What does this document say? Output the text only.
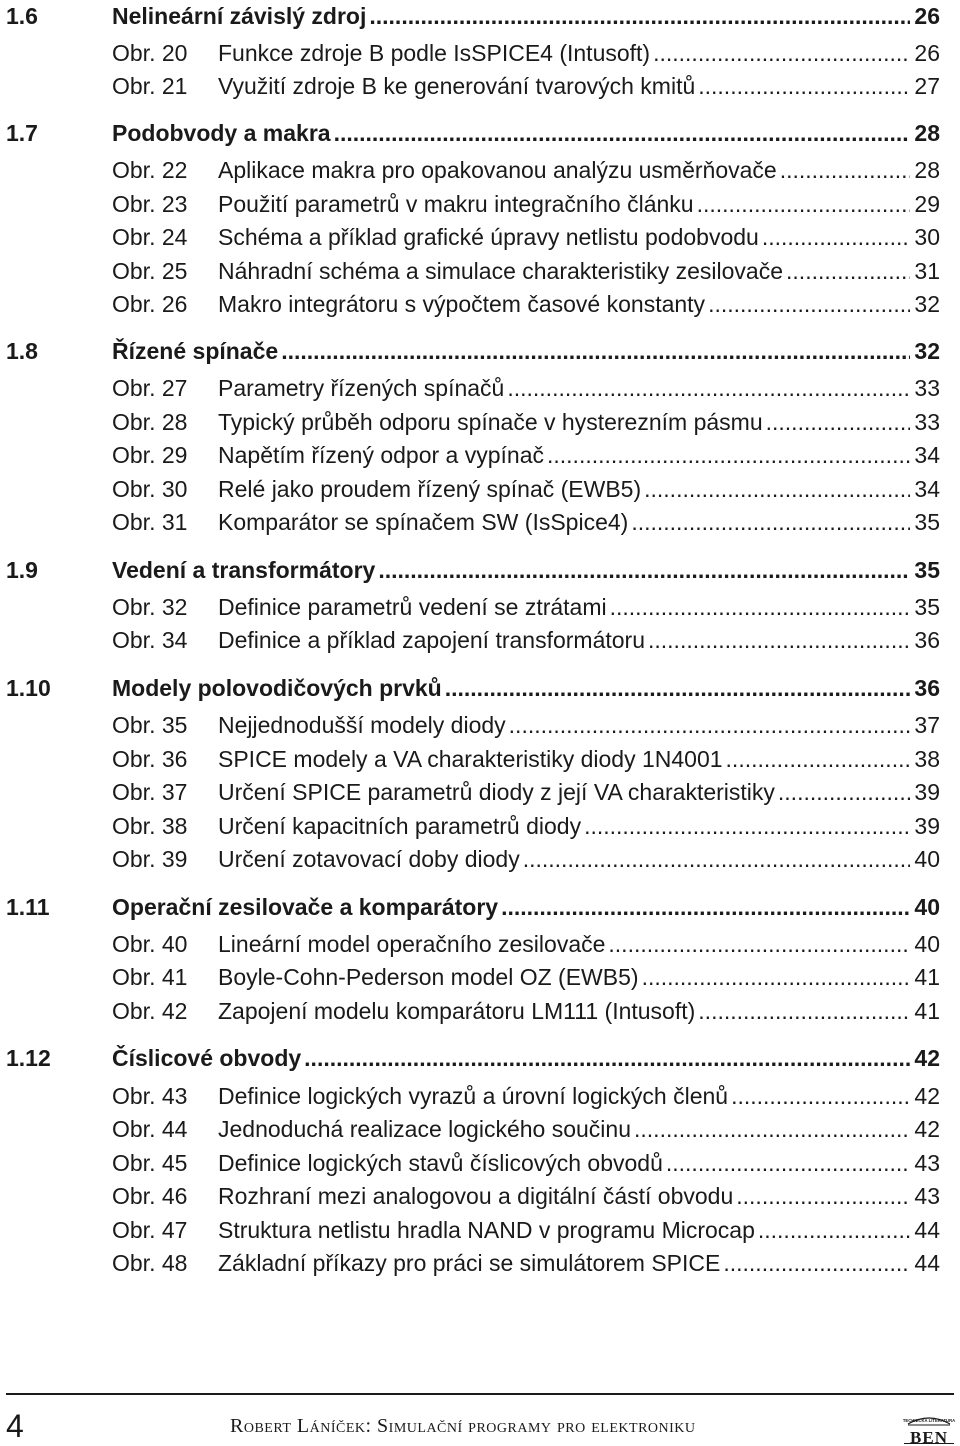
1.6	Nelineární závislý zdroj .....	26
Obr. 20 Funkce zdroje B podle IsSPICE4 (Intusoft) .....	26
Obr. 21 Využití zdroje B ke generování tvarových kmitů .....	27
1.7	Podobvody a makra .....	28
Obr. 22 Aplikace makra pro opakovanou analýzu usměrňovače .....	28
Obr. 23 Použití parametrů v makru integračního článku .....	29
Obr. 24 Schéma a příklad grafické úpravy netlistu podobvodu .....	30
Obr. 25 Náhradní schéma a simulace charakteristiky zesilovače .....	31
Obr. 26 Makro integrátoru s výpočtem časové konstanty .....	32
1.8	Řízené spínače .....	32
Obr. 27 Parametry řízených spínačů .....	33
Obr. 28 Typický průběh odporu spínače v hysterezním pásmu .....	33
Obr. 29 Napětím řízený odpor a vypínač .....	34
Obr. 30 Relé jako proudem řízený spínač (EWB5) .....	34
Obr. 31 Komparátor se spínačem SW (IsSpice4) .....	35
1.9	Vedení a transformátory .....	35
Obr. 32 Definice parametrů vedení se ztrátami .....	35
Obr. 34 Definice a příklad zapojení transformátoru .....	36
1.10	Modely polovodičových prvků .....	36
Obr. 35 Nejjednodušší modely diody .....	37
Obr. 36 SPICE modely a VA charakteristiky diody 1N4001 .....	38
Obr. 37 Určení SPICE parametrů diody z její VA charakteristiky .....	39
Obr. 38 Určení kapacitních parametrů diody .....	39
Obr. 39 Určení zotavovací doby diody .....	40
1.11	Operační zesilovače a komparátory .....	40
Obr. 40 Lineární model operačního zesilovače .....	40
Obr. 41 Boyle-Cohn-Pederson model OZ (EWB5) .....	41
Obr. 42 Zapojení modelu komparátoru LM111 (Intusoft) .....	41
1.12	Číslicové obvody .....	42
Obr. 43 Definice logických vyrazů a úrovní logických členů .....	42
Obr. 44 Jednoduchá realizace logického součinu .....	42
Obr. 45 Definice logických stavů číslicových obvodů .....	43
Obr. 46 Rozhraní mezi analogovou a digitální částí obvodu .....	43
Obr. 47 Struktura netlistu hradla NAND v programu Microcap .....	44
Obr. 48 Základní příkazy pro práci se simulátorem SPICE .....	44
4	Robert Láníček: Simulační programy pro elektroniku	TECHNICKÁ LITERATURA
BEN
